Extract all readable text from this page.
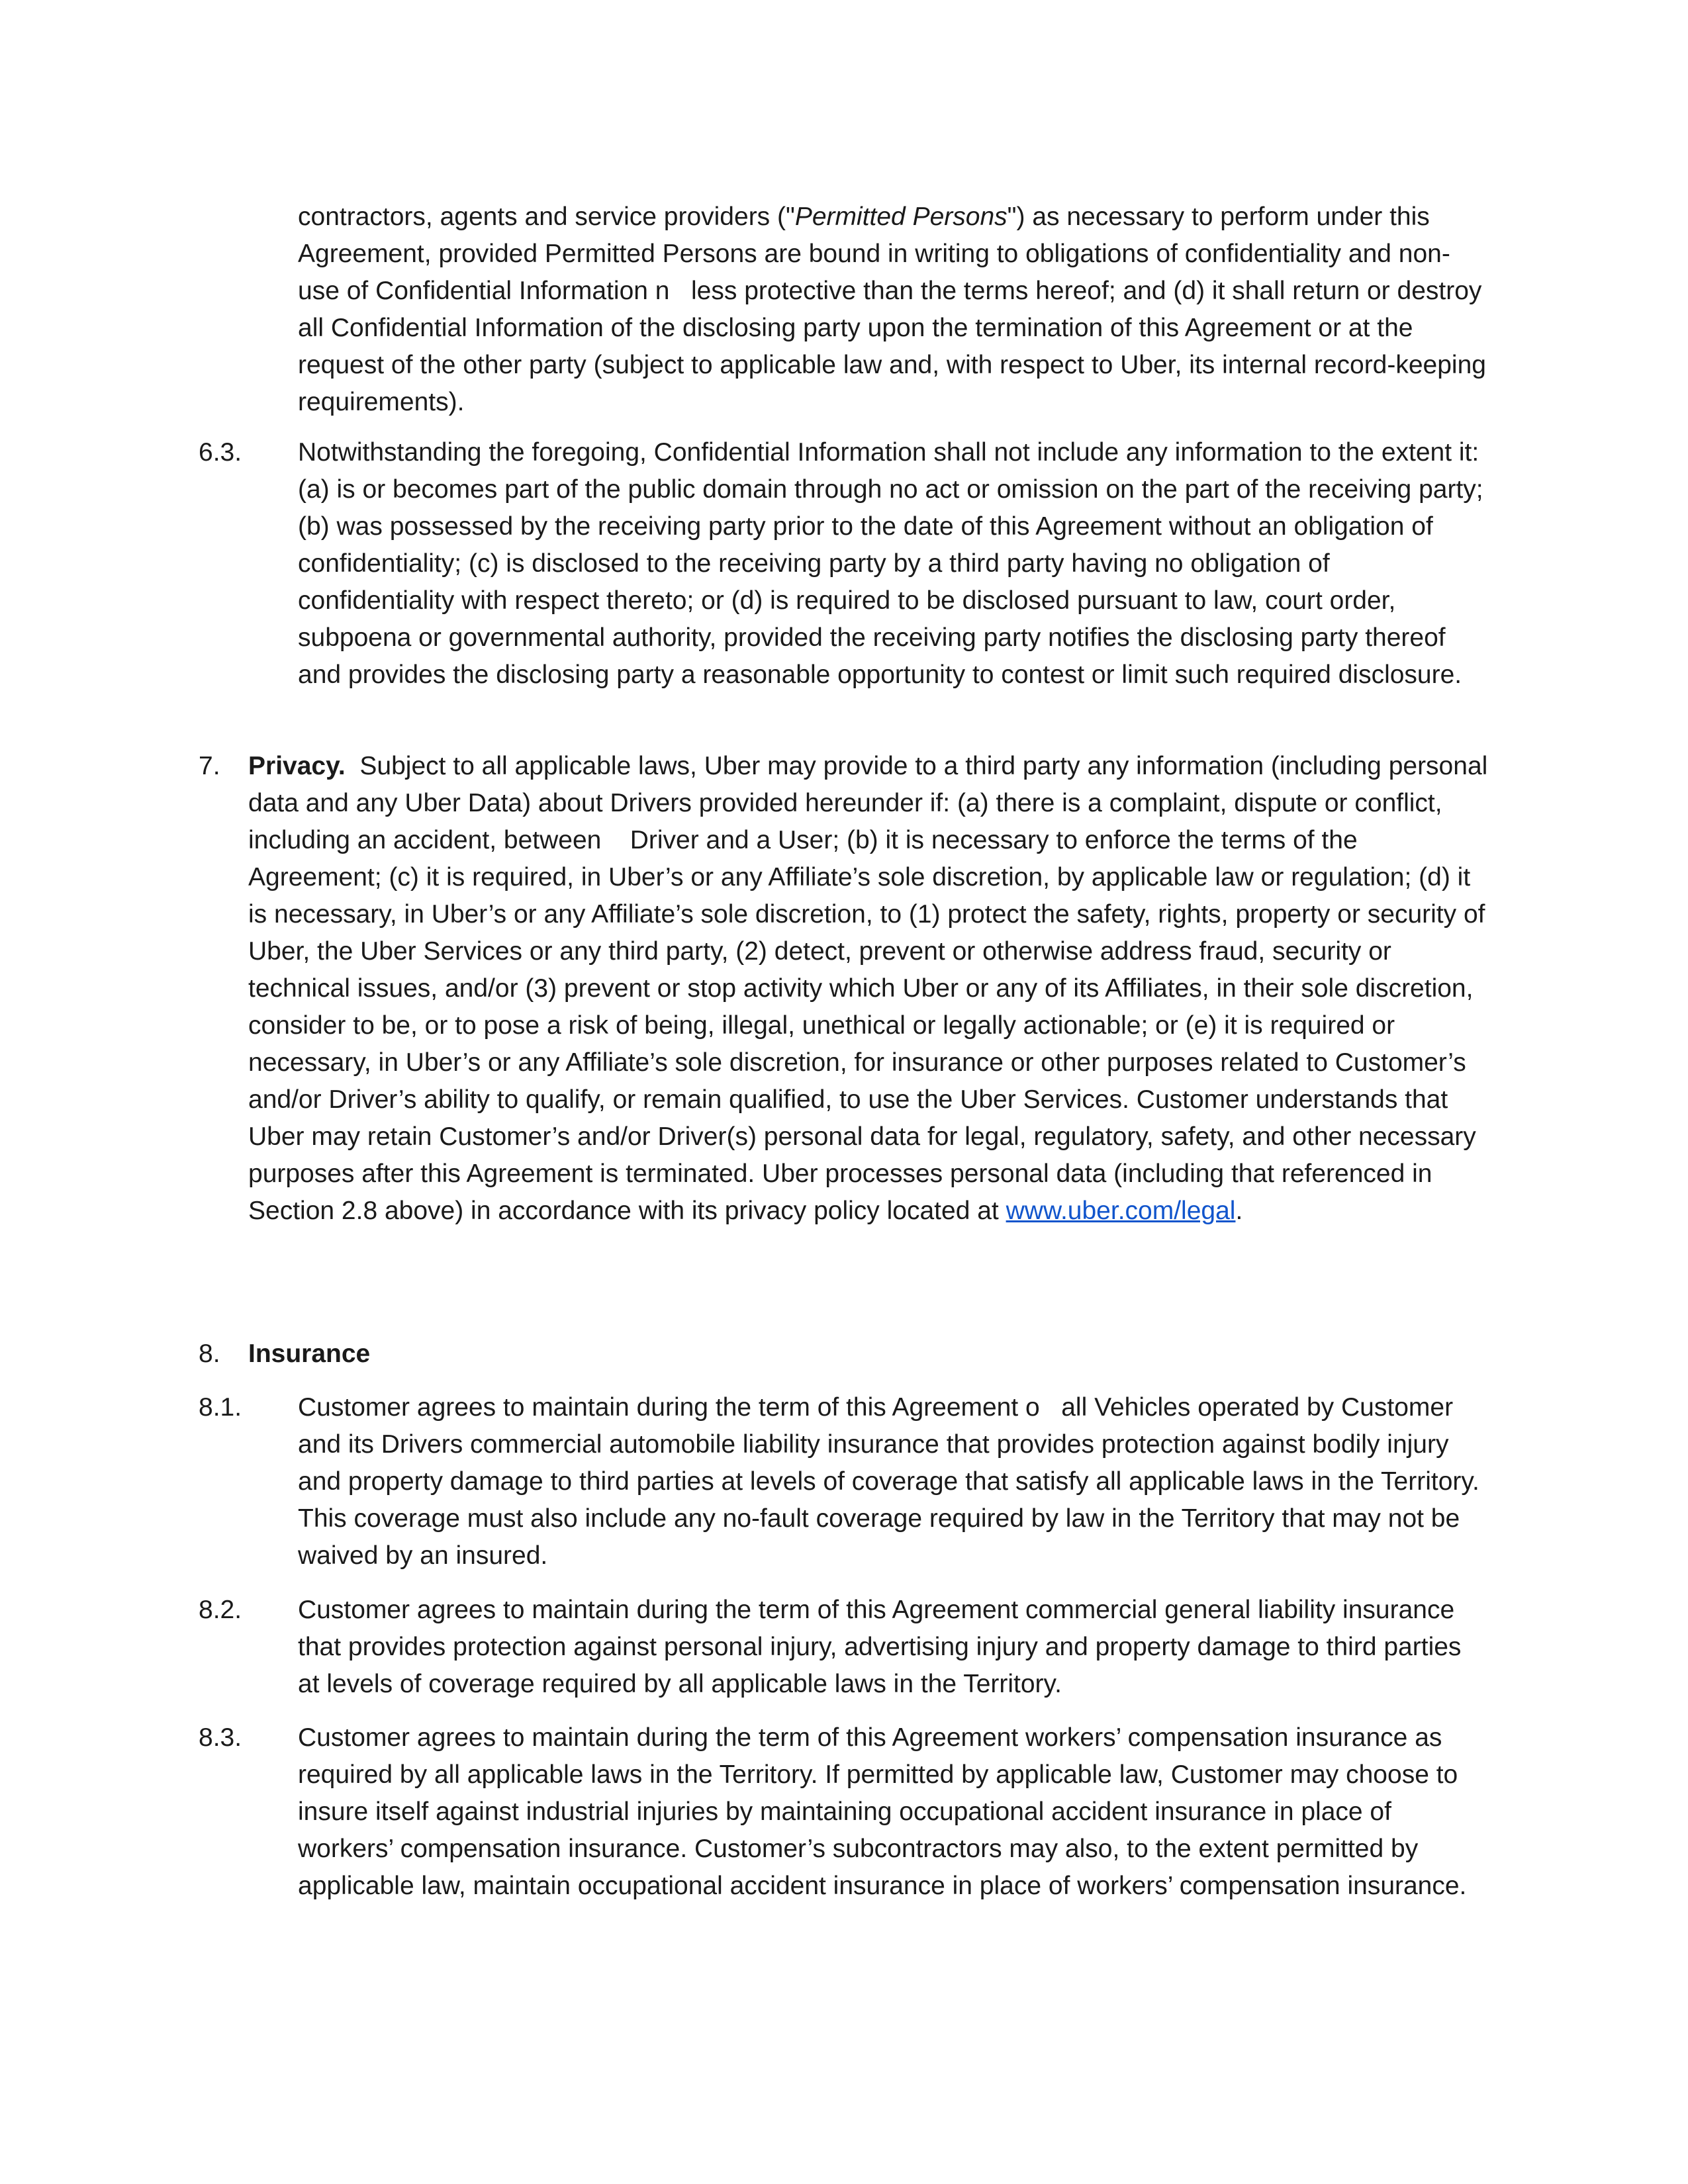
contractors, agents and service providers ("Permitted Persons") as necessary to perform under this Agreement, provided Permitted Persons are bound in writing to obligations of confidentiality and non-use of Confidential Information n   less protective than the terms hereof; and (d) it shall return or destroy all Confidential Information of the disclosing party upon the termination of this Agreement or at the request of the other party (subject to applicable law and, with respect to Uber, its internal record-keeping requirements).
6.3. Notwithstanding the foregoing, Confidential Information shall not include any information to the extent it: (a) is or becomes part of the public domain through no act or omission on the part of the receiving party; (b) was possessed by the receiving party prior to the date of this Agreement without an obligation of confidentiality; (c) is disclosed to the receiving party by a third party having no obligation of confidentiality with respect thereto; or (d) is required to be disclosed pursuant to law, court order, subpoena or governmental authority, provided the receiving party notifies the disclosing party thereof and provides the disclosing party a reasonable opportunity to contest or limit such required disclosure.
7. Privacy.  Subject to all applicable laws, Uber may provide to a third party any information (including personal data and any Uber Data) about Drivers provided hereunder if: (a) there is a complaint, dispute or conflict, including an accident, between    Driver and a User; (b) it is necessary to enforce the terms of the Agreement; (c) it is required, in Uber’s or any Affiliate’s sole discretion, by applicable law or regulation; (d) it is necessary, in Uber’s or any Affiliate’s sole discretion, to (1) protect the safety, rights, property or security of Uber, the Uber Services or any third party, (2) detect, prevent or otherwise address fraud, security or technical issues, and/or (3) prevent or stop activity which Uber or any of its Affiliates, in their sole discretion, consider to be, or to pose a risk of being, illegal, unethical or legally actionable; or (e) it is required or necessary, in Uber’s or any Affiliate’s sole discretion, for insurance or other purposes related to Customer’s and/or Driver’s ability to qualify, or remain qualified, to use the Uber Services. Customer understands that Uber may retain Customer’s and/or Driver(s) personal data for legal, regulatory, safety, and other necessary purposes after this Agreement is terminated. Uber processes personal data (including that referenced in Section 2.8 above) in accordance with its privacy policy located at www.uber.com/legal.
8. Insurance
8.1. Customer agrees to maintain during the term of this Agreement o   all Vehicles operated by Customer and its Drivers commercial automobile liability insurance that provides protection against bodily injury and property damage to third parties at levels of coverage that satisfy all applicable laws in the Territory. This coverage must also include any no-fault coverage required by law in the Territory that may not be waived by an insured.
8.2. Customer agrees to maintain during the term of this Agreement commercial general liability insurance that provides protection against personal injury, advertising injury and property damage to third parties at levels of coverage required by all applicable laws in the Territory.
8.3. Customer agrees to maintain during the term of this Agreement workers’ compensation insurance as required by all applicable laws in the Territory. If permitted by applicable law, Customer may choose to insure itself against industrial injuries by maintaining occupational accident insurance in place of workers’ compensation insurance. Customer’s subcontractors may also, to the extent permitted by applicable law, maintain occupational accident insurance in place of workers’ compensation insurance.
